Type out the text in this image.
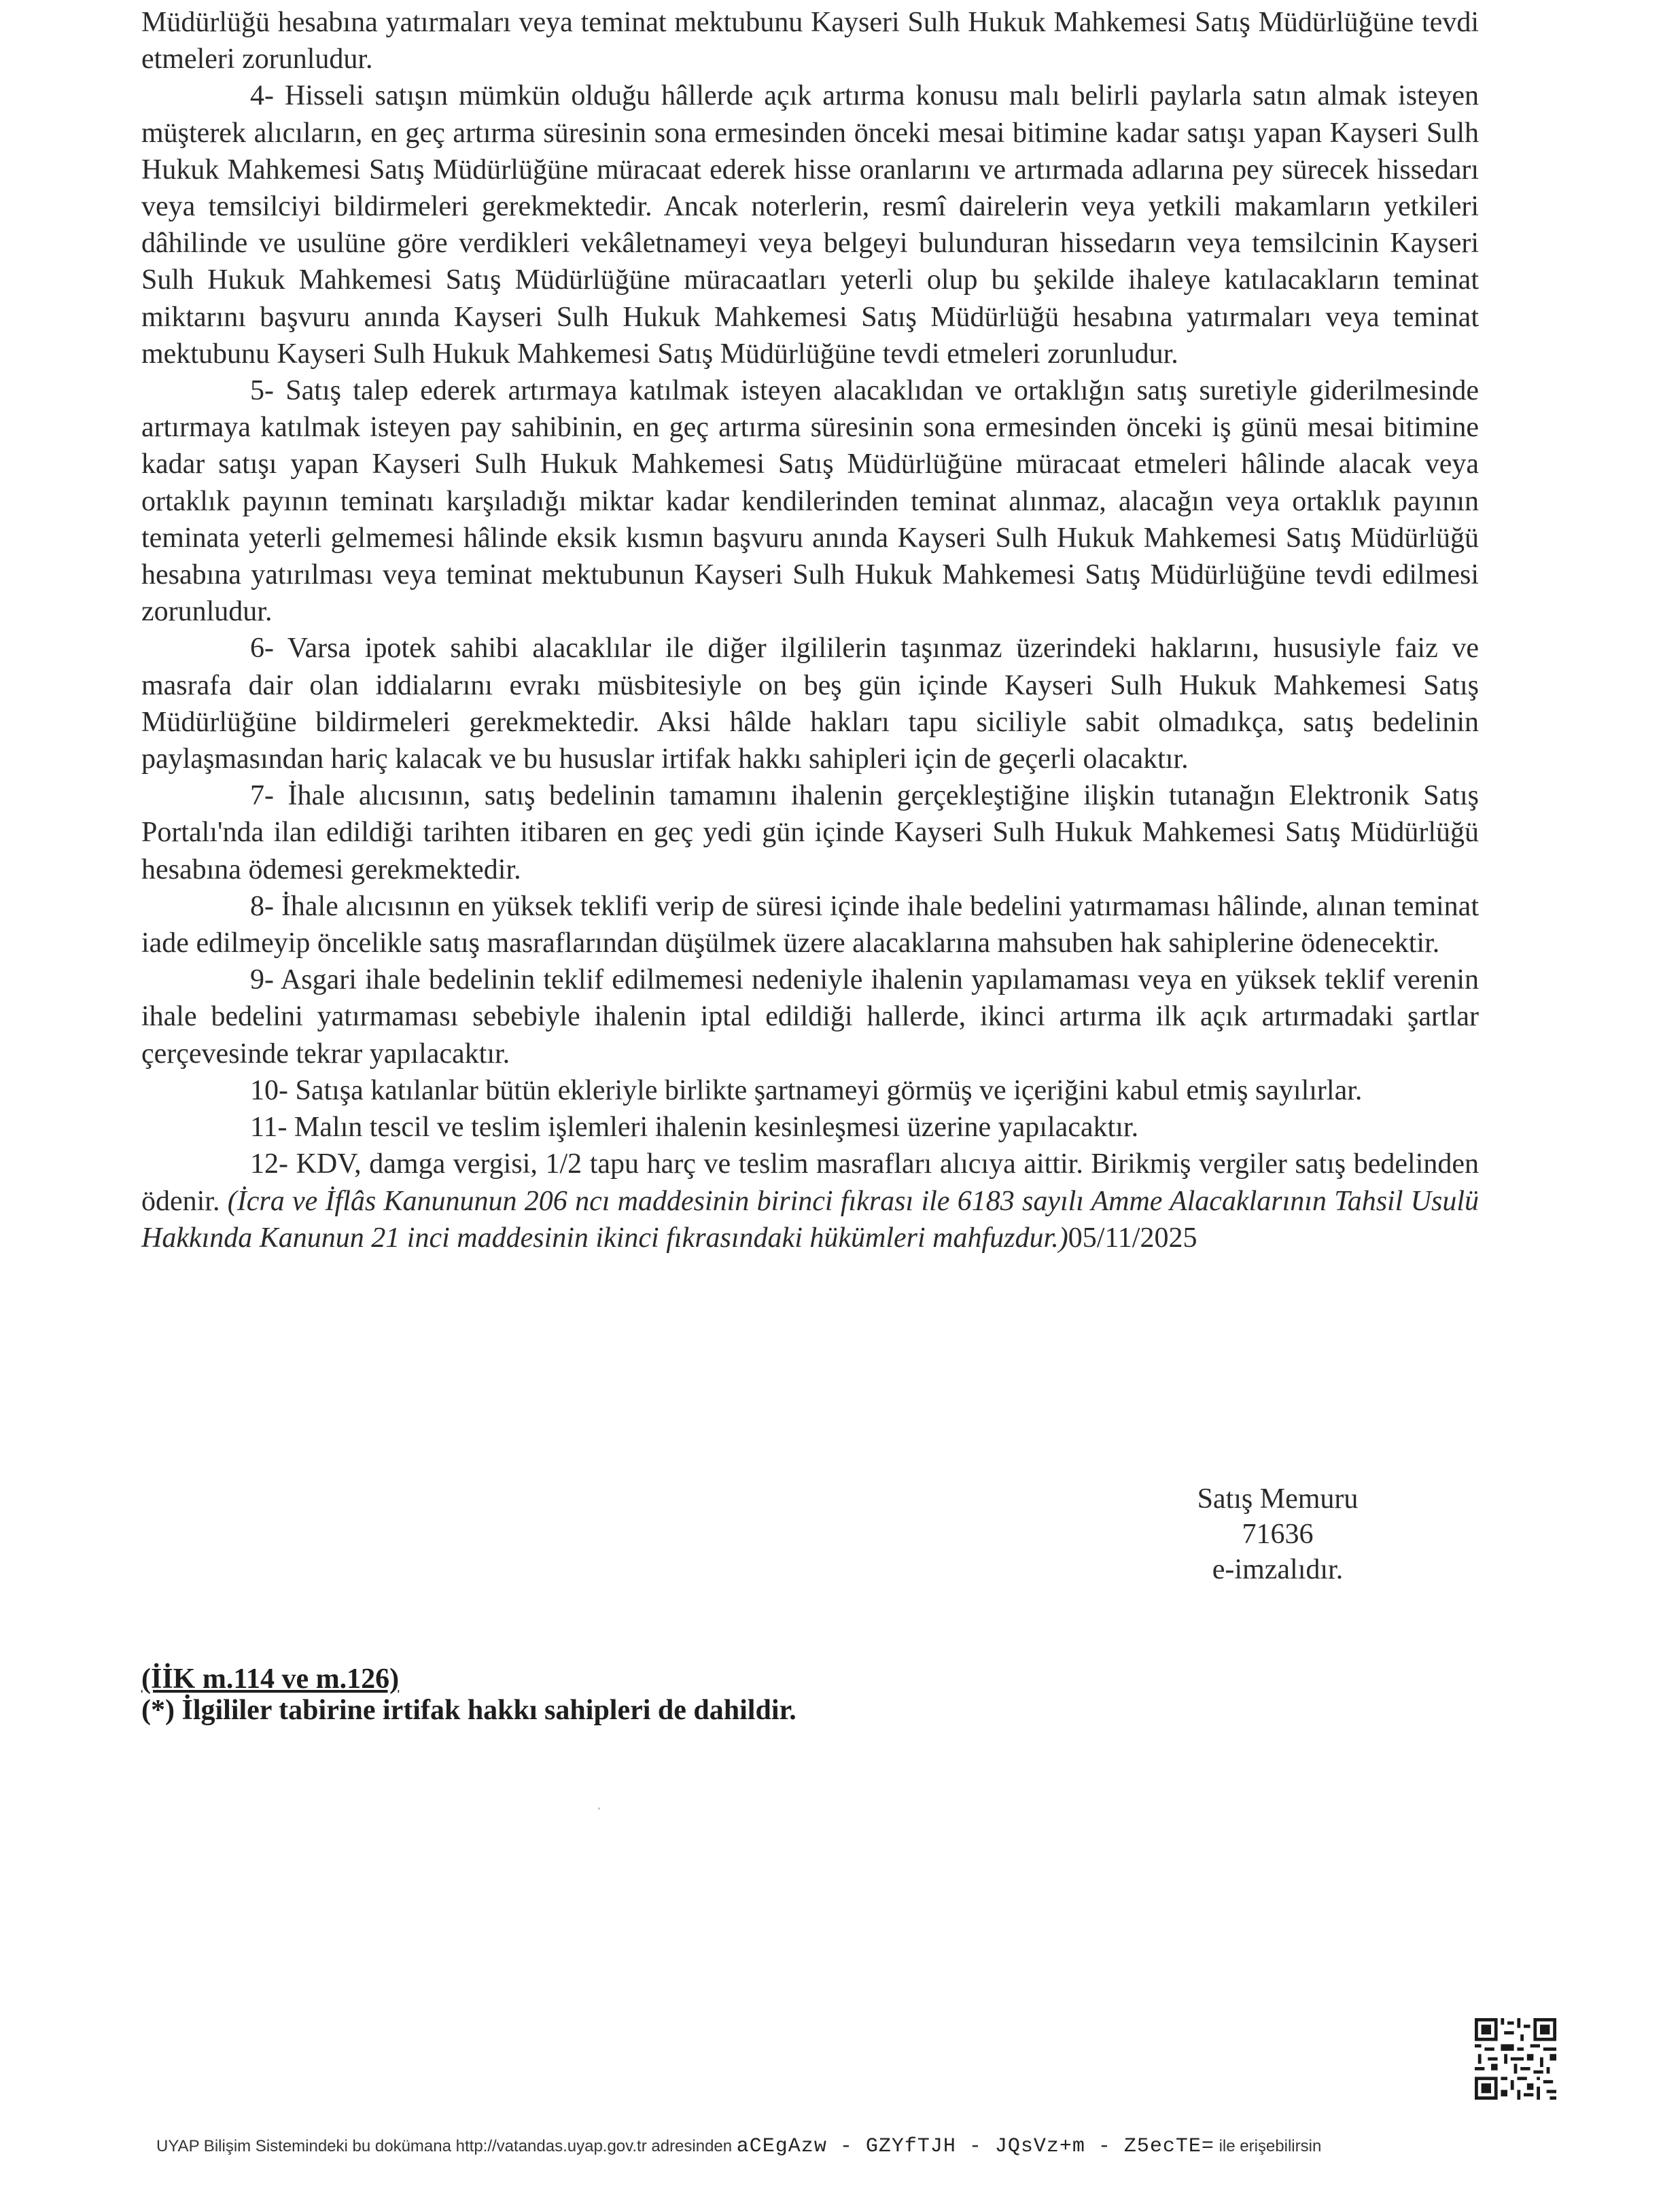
Müdürlüğü hesabına yatırmaları veya teminat mektubunu Kayseri Sulh Hukuk Mahkemesi Satış Müdürlüğüne tevdi etmeleri zorunludur.

4- Hisseli satışın mümkün olduğu hâllerde açık artırma konusu malı belirli paylarla satın almak isteyen müşterek alıcıların, en geç artırma süresinin sona ermesinden önceki mesai bitimine kadar satışı yapan Kayseri Sulh Hukuk Mahkemesi Satış Müdürlüğüne müracaat ederek hisse oranlarını ve artırmada adlarına pey sürecek hissedarı veya temsilciyi bildirmeleri gerekmektedir. Ancak noterlerin, resmî dairelerin veya yetkili makamların yetkileri dâhilinde ve usulüne göre verdikleri vekâletnameyi veya belgeyi bulunduran hissedarın veya temsilcinin Kayseri Sulh Hukuk Mahkemesi Satış Müdürlüğüne müracaatları yeterli olup bu şekilde ihaleye katılacakların teminat miktarını başvuru anında Kayseri Sulh Hukuk Mahkemesi Satış Müdürlüğü hesabına yatırmaları veya teminat mektubunu Kayseri Sulh Hukuk Mahkemesi Satış Müdürlüğüne tevdi etmeleri zorunludur.

5- Satış talep ederek artırmaya katılmak isteyen alacaklıdan ve ortaklığın satış suretiyle giderilmesinde artırmaya katılmak isteyen pay sahibinin, en geç artırma süresinin sona ermesinden önceki iş günü mesai bitimine kadar satışı yapan Kayseri Sulh Hukuk Mahkemesi Satış Müdürlüğüne müracaat etmeleri hâlinde alacak veya ortaklık payının teminatı karşıladığı miktar kadar kendilerinden teminat alınmaz, alacağın veya ortaklık payının teminata yeterli gelmemesi hâlinde eksik kısmın başvuru anında Kayseri Sulh Hukuk Mahkemesi Satış Müdürlüğü hesabına yatırılması veya teminat mektubunun Kayseri Sulh Hukuk Mahkemesi Satış Müdürlüğüne tevdi edilmesi zorunludur.

6- Varsa ipotek sahibi alacaklılar ile diğer ilgililerin taşınmaz üzerindeki haklarını, hususiyle faiz ve masrafa dair olan iddialarını evrakı müsbitesiyle on beş gün içinde Kayseri Sulh Hukuk Mahkemesi Satış Müdürlüğüne bildirmeleri gerekmektedir. Aksi hâlde hakları tapu siciliyle sabit olmadıkça, satış bedelinin paylaşmasından hariç kalacak ve bu hususlar irtifak hakkı sahipleri için de geçerli olacaktır.

7- İhale alıcısının, satış bedelinin tamamını ihalenin gerçekleştiğine ilişkin tutanağın Elektronik Satış Portalı'nda ilan edildiği tarihten itibaren en geç yedi gün içinde Kayseri Sulh Hukuk Mahkemesi Satış Müdürlüğü hesabına ödemesi gerekmektedir.

8- İhale alıcısının en yüksek teklifi verip de süresi içinde ihale bedelini yatırmaması hâlinde, alınan teminat iade edilmeyip öncelikle satış masraflarından düşülmek üzere alacaklarına mahsuben hak sahiplerine ödenecektir.

9- Asgari ihale bedelinin teklif edilmemesi nedeniyle ihalenin yapılamaması veya en yüksek teklif verenin ihale bedelini yatırmaması sebebiyle ihalenin iptal edildiği hallerde, ikinci artırma ilk açık artırmadaki şartlar çerçevesinde tekrar yapılacaktır.

10- Satışa katılanlar bütün ekleriyle birlikte şartnameyi görmüş ve içeriğini kabul etmiş sayılırlar.

11- Malın tescil ve teslim işlemleri ihalenin kesinleşmesi üzerine yapılacaktır.

12- KDV, damga vergisi, 1/2 tapu harç ve teslim masrafları alıcıya aittir. Birikmiş vergiler satış bedelinden ödenir. (İcra ve İflâs Kanununun 206 ncı maddesinin birinci fıkrası ile 6183 sayılı Amme Alacaklarının Tahsil Usulü Hakkında Kanunun 21 inci maddesinin ikinci fıkrasındaki hükümleri mahfuzdur.)05/11/2025

Satış Memuru
71636
e-imzalıdır.
(İİK m.114 ve m.126)
(*) İlgililer tabirine irtifak hakkı sahipleri de dahildir.
UYAP Bilişim Sistemindeki bu dokümana http://vatandas.uyap.gov.tr adresinden aCEgAzw - GZYfTJH - JQsVz+m - Z5ecTE= ile erişebilirsin
